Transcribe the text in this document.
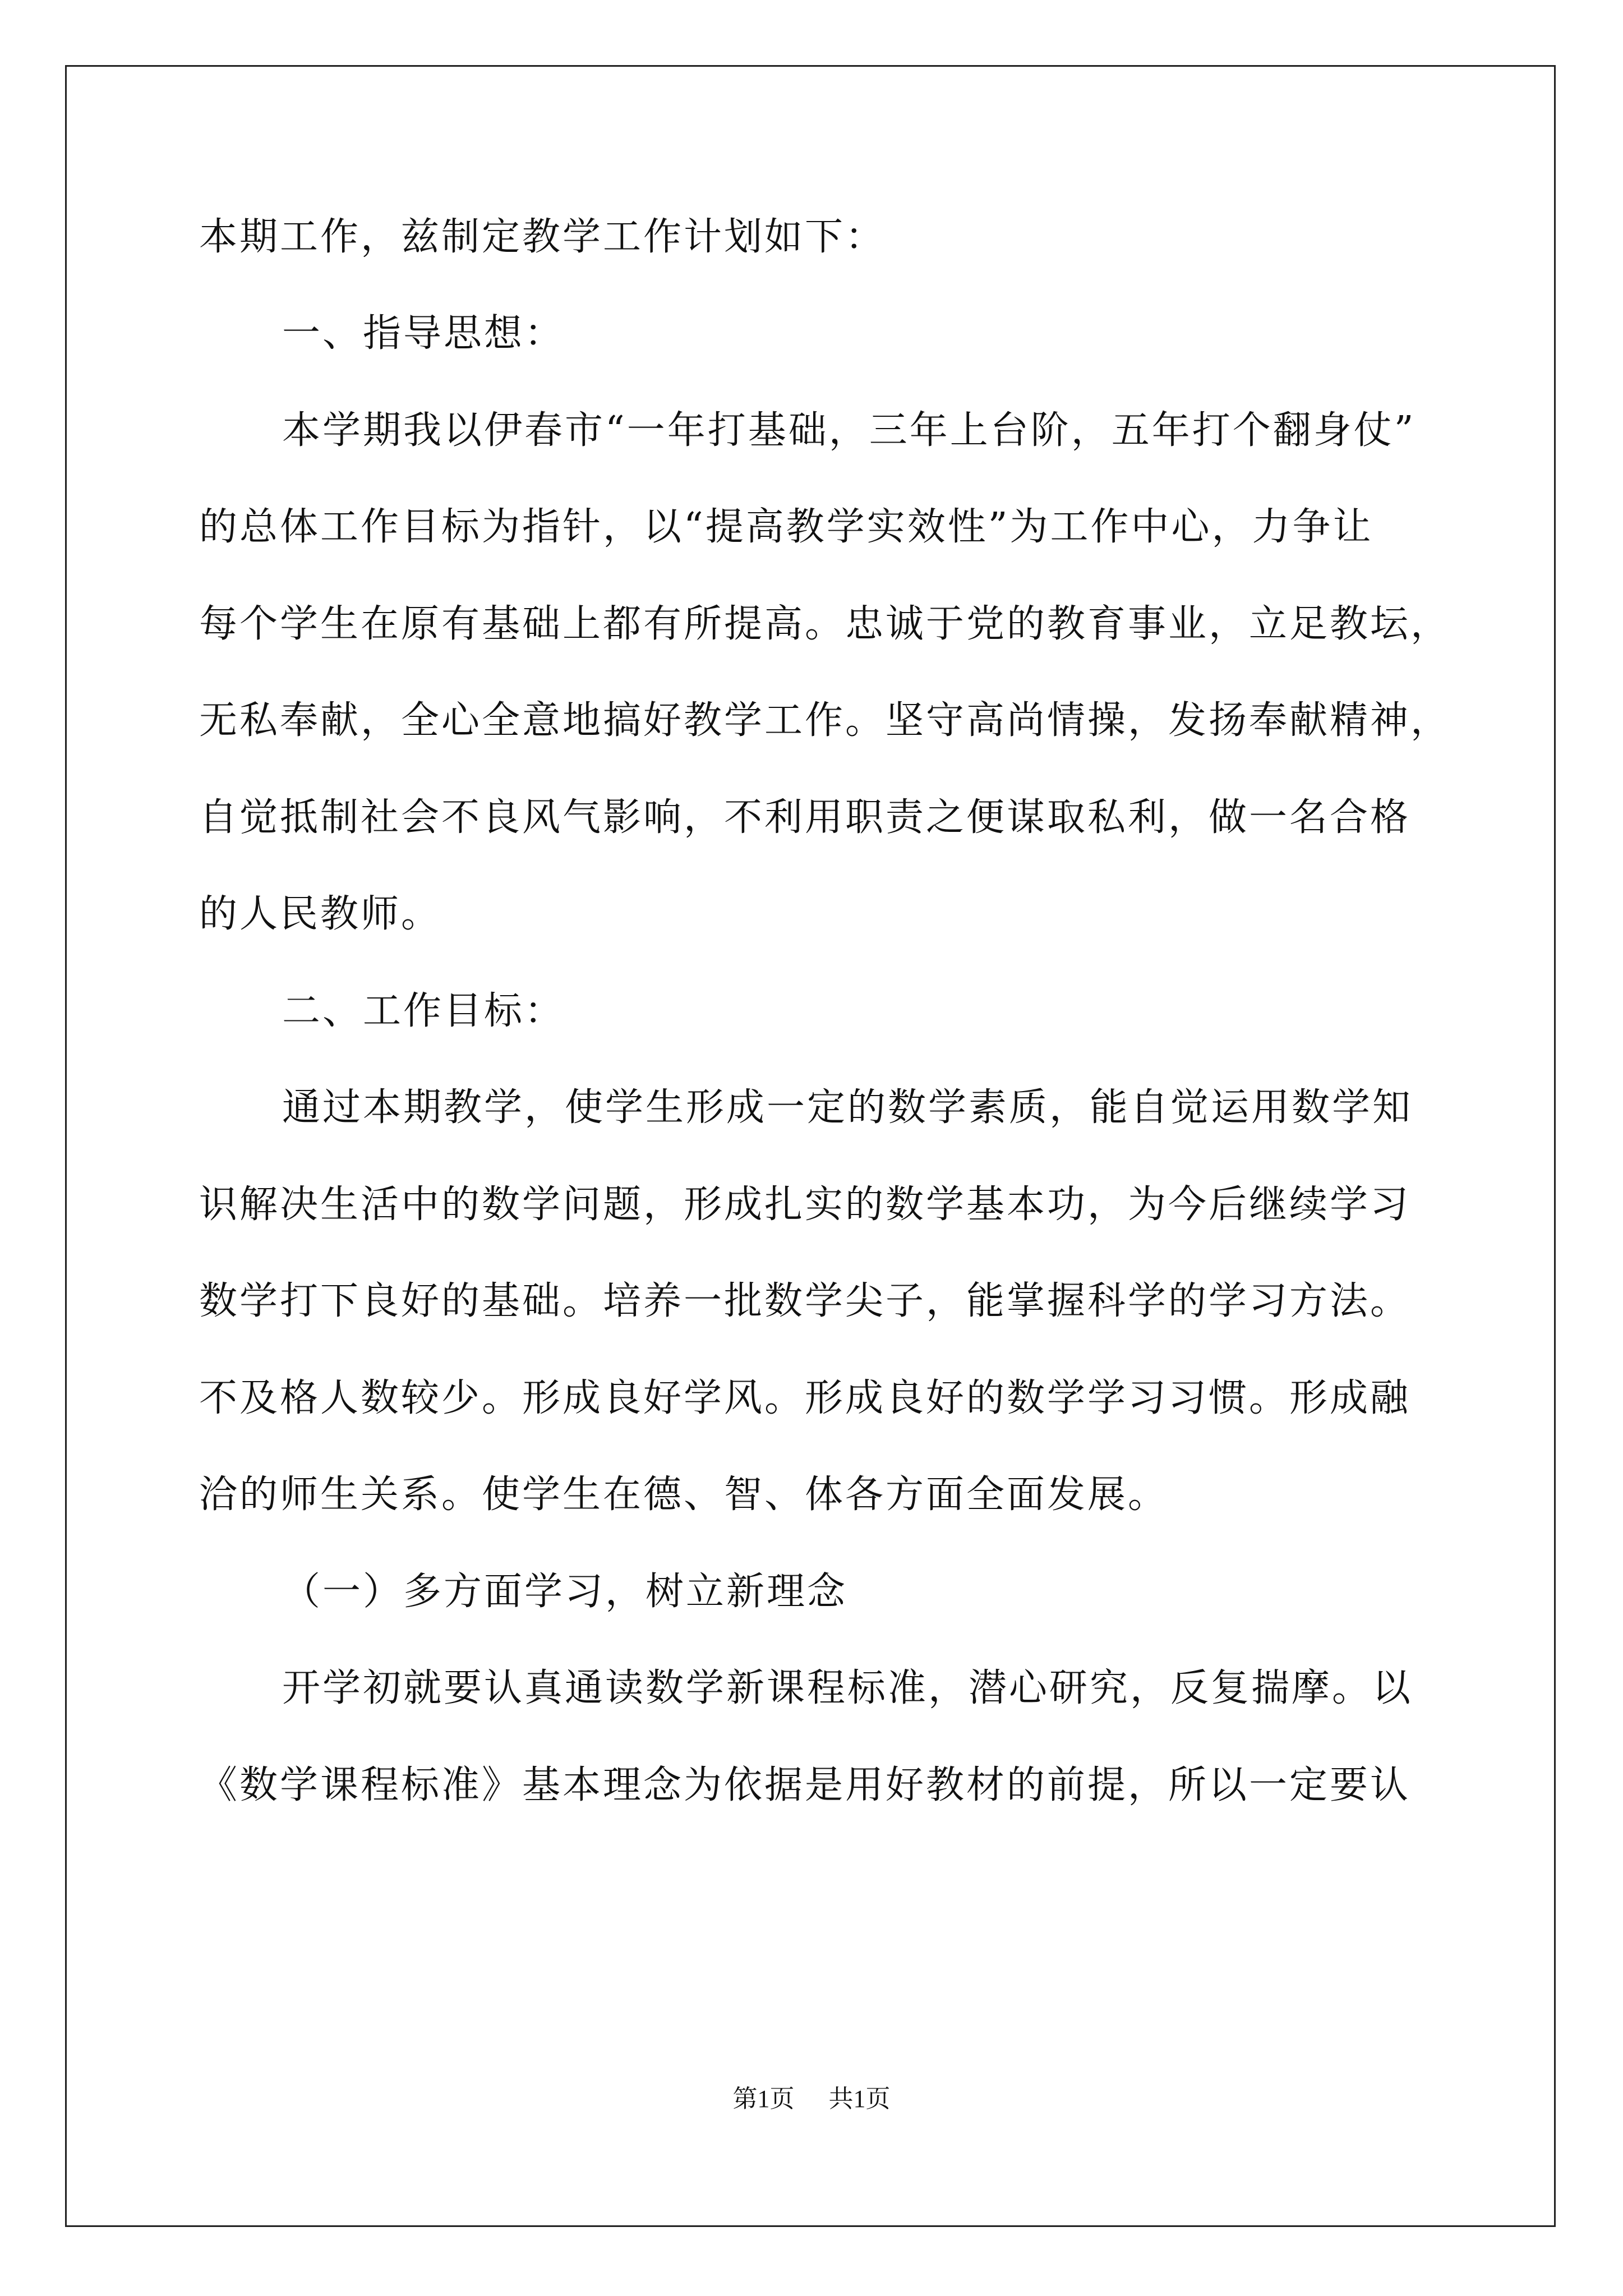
本期工作，兹制定教学工作计划如下：
一、指导思想：
本学期我以伊春市“一年打基础，三年上台阶，五年打个翻身仗”
的总体工作目标为指针，以“提高教学实效性”为工作中心，力争让
每个学生在原有基础上都有所提高。忠诚于党的教育事业，立足教坛，
无私奉献，全心全意地搞好教学工作。坚守高尚情操，发扬奉献精神，
自觉抵制社会不良风气影响，不利用职责之便谋取私利，做一名合格
的人民教师。
二、工作目标：
通过本期教学，使学生形成一定的数学素质，能自觉运用数学知
识解决生活中的数学问题，形成扎实的数学基本功，为今后继续学习
数学打下良好的基础。培养一批数学尖子，能掌握科学的学习方法。
不及格人数较少。形成良好学风。形成良好的数学学习习惯。形成融
洽的师生关系。使学生在德、智、体各方面全面发展。
（一）多方面学习，树立新理念
开学初就要认真通读数学新课程标准，潜心研究，反复揣摩。以
《数学课程标准》基本理念为依据是用好教材的前提，所以一定要认
第1页 共1页
